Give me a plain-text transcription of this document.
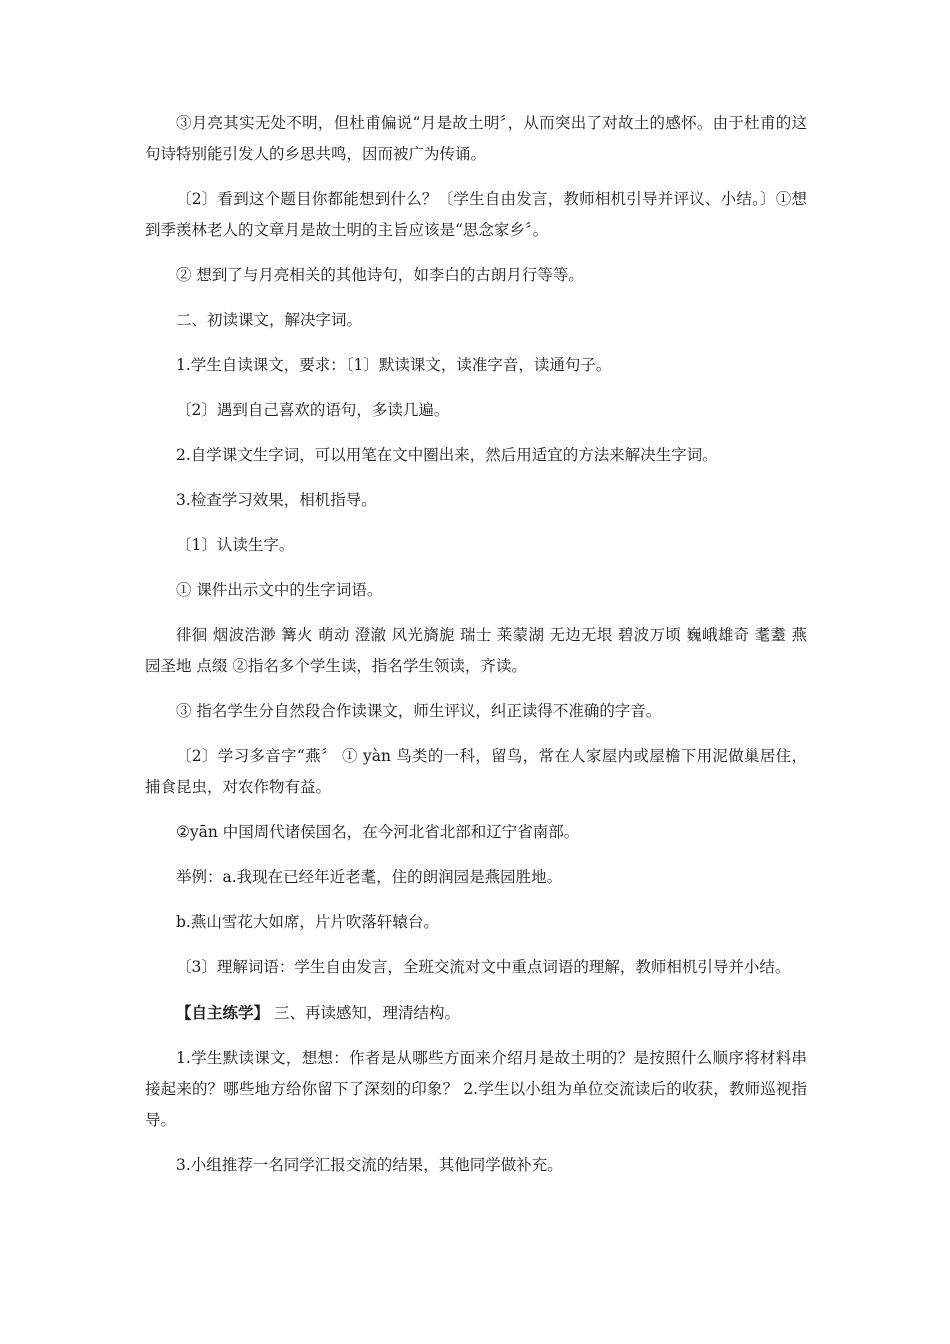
③月亮其实无处不明，但杜甫偏说“月是故土明〞，从而突出了对故土的感怀。由于杜甫的这句诗特别能引发人的乡思共鸣，因而被广为传诵。

〔2〕看到这个题目你都能想到什么？〔学生自由发言，教师相机引导并评议、小结。〕①想到季羡林老人的文章月是故土明的主旨应该是“思念家乡〞。

② 想到了与月亮相关的其他诗句，如李白的古朗月行等等。

二、初读课文，解决字词。

1.学生自读课文，要求：〔1〕默读课文，读准字音，读通句子。

〔2〕遇到自己喜欢的语句，多读几遍。

2.自学课文生字词，可以用笔在文中圈出来，然后用适宜的方法来解决生字词。

3.检查学习效果，相机指导。

〔1〕认读生字。

① 课件出示文中的生字词语。

徘徊 烟波浩渺 篝火 萌动 澄澈 风光旖旎 瑞士 莱蒙湖 无边无垠 碧波万顷 巍峨雄奇 耄耋 燕园圣地 点缀 ②指名多个学生读，指名学生领读，齐读。

③ 指名学生分自然段合作读课文，师生评议，纠正读得不准确的字音。

〔2〕学习多音字“燕〞 ① yàn 鸟类的一科，留鸟，常在人家屋内或屋檐下用泥做巢居住，捕食昆虫，对农作物有益。

②yān 中国周代诸侯国名，在今河北省北部和辽宁省南部。

举例：a.我现在已经年近老耄，住的朗润园是燕园胜地。

b.燕山雪花大如席，片片吹落轩辕台。

〔3〕理解词语：学生自由发言，全班交流对文中重点词语的理解，教师相机引导并小结。

【自主练学】 三、再读感知，理清结构。

1.学生默读课文，想想：作者是从哪些方面来介绍月是故土明的？是按照什么顺序将材料串接起来的？哪些地方给你留下了深刻的印象？ 2.学生以小组为单位交流读后的收获，教师巡视指导。

3.小组推荐一名同学汇报交流的结果，其他同学做补充。
